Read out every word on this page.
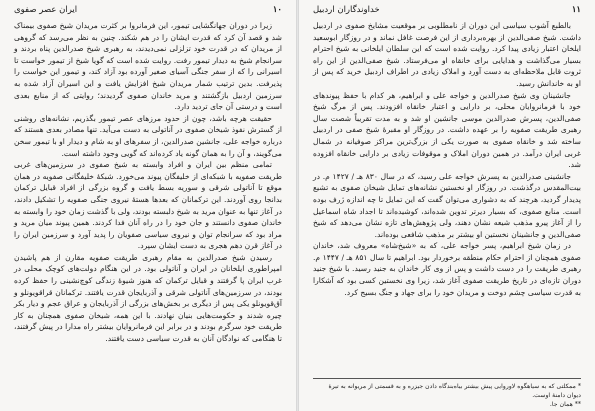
۱۰
ایران عصر صفوی

زیرا در دوران جهانگشایی تیمور، این فرمانروا بر کثرت مریدان شیخ صفوی بیمناک شد و قصد آن کرد که قدرت ایشان را در هم شکند. چنین به نظر می‌رسد که گروهی از مریدان که در قدرت خود تزلزلی نمی‌دیدند، به رهبری شیخ صدرالدین پناه بردند و سرانجام شیخ به دیدار تیمور رفت. روایت شده است که گویا شیخ از تیمور خواست تا اسیرانی را که از سفر جنگی آسیای صغیر آورده بود آزاد کند، و تیمور این خواست را پذیرفت. بدین ترتیب شمار مریدان شیخ افزایش یافت و این اسیران آزاد شده به سرزمین اردبیل بازگشتند و مرید خاندان صفوی گردیدند؛ روایتی که از منابع بعدی است و درستی آن جای تردید دارد.

حقیقت هرچه باشد، چون از حدود مرزهای عصر تیمور بگذریم، نشانه‌های روشنی از گسترش نفوذ شیخان صفوی در آناتولی به دست می‌آید. تنها مصادر بعدی هستند که درباره خواجه علی، جانشین صدرالدین، از سفرهای او به شام و دیدار او با تیمور سخن می‌گویند، و آن را به همان گونه یاد کرده‌اند که گویی وجود داشته است.

تمامی منظم بین ایران و افراد وابسته به شیخ صفوی در سرزمین‌های غربی طریقت صفویه با شبکه‌ای از خلیفگان پیوند می‌خورد. شبکهٔ خلیفگانی صفویه در همان موقع تا آناتولی شرقی و سوریه بسط یافت و گروه بزرگی از افراد قبایل ترکمان بدانجا روی آوردند. این ترکمانان که بعدها هستهٔ نیروی جنگی صفویه را تشکیل دادند، در آغاز تنها به عنوان مرید به شیخ دلبسته بودند، ولی با گذشت زمان خود را وابسته به خاندان صفوی دانستند و جان خود را در راه آنان فدا کردند. همین پیوند میان مرید و مراد بود که سرانجام توان و نیروی سیاسی صفویان را پدید آورد و سرزمین ایران را در آغاز قرن دهم هجری به دست ایشان سپرد.

رسیدن شیخ صدرالدین به مقام رهبری طریقت صفویه مقارن از هم پاشیدن امپراطوری ایلخانان در ایران و آناتولی بود. در این هنگام دولت‌های کوچک محلی در غرب ایران پا گرفتند و قبایل ترکمان که هنوز شیوهٔ زندگی کوچ‌نشینی را حفظ کرده بودند، در سرزمین‌های آناتولی شرقی و آذربایجان قدرت یافتند. ترکمانان قراقویونلو و آق‌قویونلو یکی پس از دیگری بر بخش‌های بزرگی از آذربایجان و عراق عجم و دیار بکر چیره شدند و حکومت‌هایی بنیان نهادند. با این همه، شیخان صفوی همچنان به کار طریقت خود سرگرم بودند و در برابر این فرمانروایان بیشتر راه مدارا در پیش گرفتند، تا هنگامی که نوادگان آنان به قدرت سیاسی دست یافتند.

۱۱
خداوندگاران اردبیل

بالطبع آشوب سیاسی این دوران از نامطلوبی بر موقعیت مشایخ صفوی در اردبیل داشت. شیخ صفی‌الدین از بهره‌برداری از این فرصت غافل نماند و در روزگار ابوسعید ایلخان اعتبار زیادی پیدا کرد. روایت شده است که این سلطان ایلخانی به شیخ احترام بسیار می‌گذاشت و هدایایی برای خانقاه او می‌فرستاد. شیخ صفی‌الدین از این راه ثروت قابل ملاحظه‌ای به دست آورد و املاک زیادی در اطراف اردبیل خرید که پس از او به خاندانش رسید.

جانشینان وی شیخ صدرالدین و خواجه علی و ابراهیم، هر کدام با حفظ پیوندهای خود با فرمانروایان محلی، بر دارایی و اعتبار خانقاه افزودند. پس از مرگ شیخ صفی‌الدین، پسرش صدرالدین موسی جانشین او شد و به مدت تقریباً شصت سال رهبری طریقت صفویه را بر عهده داشت. در روزگار او مقبرهٔ شیخ صفی در اردبیل ساخته شد و خانقاه صفوی به صورت یکی از بزرگ‌ترین مراکز صوفیانه در شمال غربی ایران درآمد. در همین دوران املاک و موقوفات زیادی بر دارایی خانقاه افزوده شد.

جانشینی صدرالدین به پسرش خواجه علی رسید، که در سال ۸۳۰ هـ / ۱۴۲۷ م. در بیت‌المقدس درگذشت. در روزگار او نخستین نشانه‌های تمایل شیخان صفوی به تشیع پدیدار گردید، هرچند که به دشواری می‌توان گفت که این تمایل تا چه اندازه ژرف بوده است. منابع صفوی، که بسیار دیرتر تدوین شده‌اند، کوشیده‌اند تا اجداد شاه اسماعیل را از آغاز پیرو مذهب شیعه نشان دهند، ولی پژوهش‌های تازه نشان می‌دهد که شیخ صفی‌الدین و جانشینان نخستین او بیشتر بر مذهب شافعی بوده‌اند.

در زمان شیخ ابراهیم، پسر خواجه علی، که به «شیخ‌شاه» معروف شد، خاندان صفوی همچنان از احترام حکام منطقه برخوردار بود. ابراهیم تا سال ۸۵۱ هـ / ۱۴۴۷ م. رهبری طریقت را در دست داشت و پس از وی کار خاندان به جنید رسید. با شیخ جنید دوران تازه‌ای در تاریخ طریقت صفوی آغاز شد، زیرا وی نخستین کسی بود که آشکارا به قدرت سیاسی چشم دوخت و مریدان خود را برای جهاد و جنگ بسیج کرد.

* ممکلتی که به سیاهگوه‌ لاوروایی پیش‌ بیشتر بیاه‌بندگاه‌ دادن جیزره و به قسمتی از مریوانه به تیرهٔ دیوان دامنهٔ اوست.

** همان جا.
